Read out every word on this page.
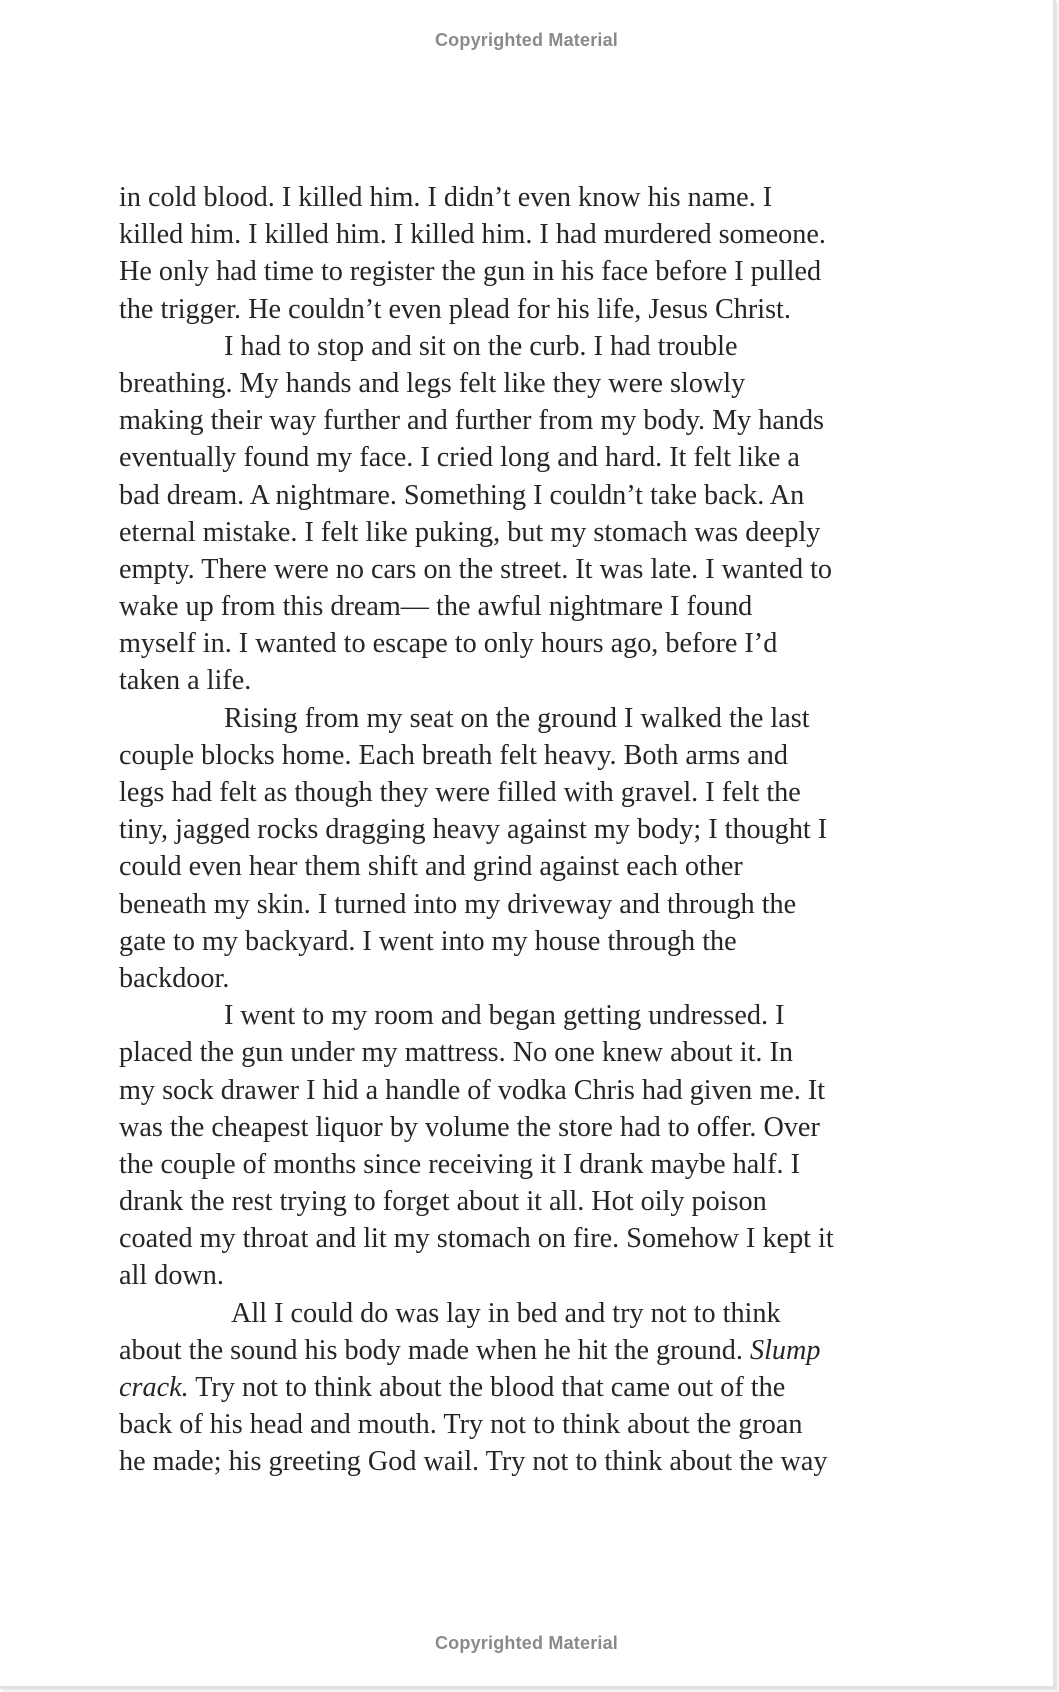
Copyrighted Material
in cold blood. I killed him. I didn’t even know his name. I
killed him. I killed him. I killed him. I had murdered someone.
He only had time to register the gun in his face before I pulled
the trigger. He couldn’t even plead for his life, Jesus Christ.
I had to stop and sit on the curb. I had trouble
breathing. My hands and legs felt like they were slowly
making their way further and further from my body. My hands
eventually found my face. I cried long and hard. It felt like a
bad dream. A nightmare. Something I couldn’t take back. An
eternal mistake. I felt like puking, but my stomach was deeply
empty. There were no cars on the street. It was late. I wanted to
wake up from this dream— the awful nightmare I found
myself in. I wanted to escape to only hours ago, before I’d
taken a life.
Rising from my seat on the ground I walked the last
couple blocks home. Each breath felt heavy. Both arms and
legs had felt as though they were filled with gravel. I felt the
tiny, jagged rocks dragging heavy against my body; I thought I
could even hear them shift and grind against each other
beneath my skin. I turned into my driveway and through the
gate to my backyard. I went into my house through the
backdoor.
I went to my room and began getting undressed. I
placed the gun under my mattress. No one knew about it. In
my sock drawer I hid a handle of vodka Chris had given me. It
was the cheapest liquor by volume the store had to offer. Over
the couple of months since receiving it I drank maybe half. I
drank the rest trying to forget about it all. Hot oily poison
coated my throat and lit my stomach on fire. Somehow I kept it
all down.
All I could do was lay in bed and try not to think
about the sound his body made when he hit the ground. Slump
crack. Try not to think about the blood that came out of the
back of his head and mouth. Try not to think about the groan
he made; his greeting God wail. Try not to think about the way
Copyrighted Material
